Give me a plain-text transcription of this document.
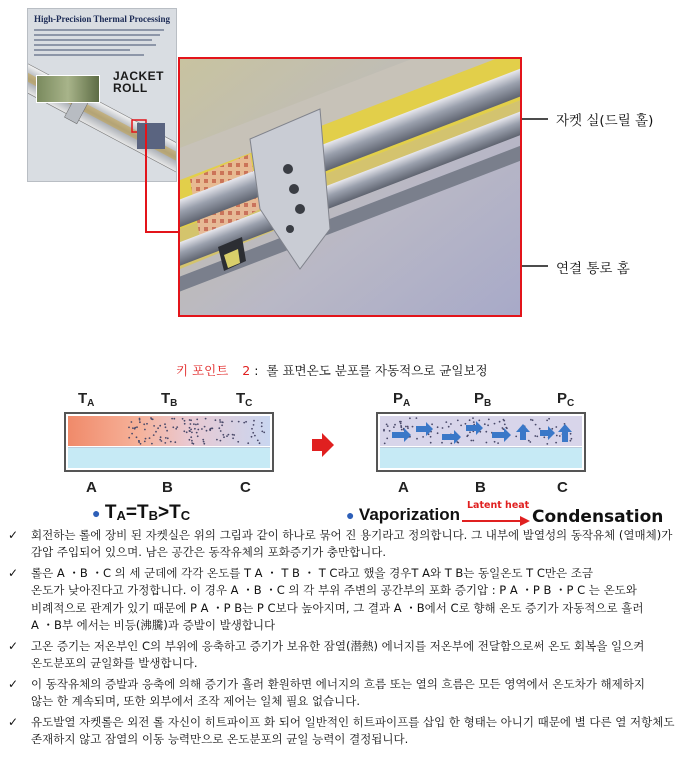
High-Precision Thermal Processing
JACKET
ROLL
자켓 실(드릴 홀)
연결 통로 홈
키 포인트 2 : 롤 표면온도 분포를 자동적으로 균일보정
$T_A$	$T_B$	$T_C$
A	B	C
$P_A$	$P_B$	$P_C$
A	B	C
● $T_A=T_B>T_C$	● Vaporization Latent heat
Condensation
✓ 회전하는 롤에 장비 된 자켓실은 위의 그림과 같이 하나로 묶어 진 용기라고 정의합니다. 그 내부에 발열성의 동작유체 (열매체)가
감압 주입되어 있으며. 남은 공간은 동작유체의 포화증기가 충만합니다.
✓ 롤은 A ・B ・C 의 세 군데에 각각 온도를 T A ・ T B ・ T C라고 했을 경우T A와 T B는 동일온도 T C만은 조금
온도가 낮아진다고 가정합니다. 이 경우 A ・B ・C 의 각 부위 주변의 공간부의 포화 증기압 : P A ・P B ・P C 는 온도와
비례적으로 관계가 있기 때문에 P A ・P B는 P C보다 높아지며, 그 결과 A ・B에서 C로 향해 온도 증기가 자동적으로 흘러
A ・B부 에서는 비등(沸騰)과 증발이 발생합니다
✓ 고온 증기는 저온부인 C의 부위에 응축하고 증기가 보유한 잠열(潜熱) 에너지를 저온부에 전달함으로써 온도 회복을 일으켜
온도분포의 균일화를 발생합니다.
✓ 이 동작유체의 증발과 응축에 의해 증기가 흘러 환원하면 에너지의 흐름 또는 열의 흐름은 모든 영역에서 온도차가 해제하지
않는 한 계속되며, 또한 외부에서 조작 제어는 일체 필요 없습니다.
✓ 유도발열 자켓롤은 외전 롤 자신이 히트파이프 화 되어 일반적인 히트파이프를 삽입 한 형태는 아니기 때문에 별 다른 열 저항체도
존재하지 않고 잠열의 이동 능력만으로 온도분포의 균일 능력이 결정됩니다.
